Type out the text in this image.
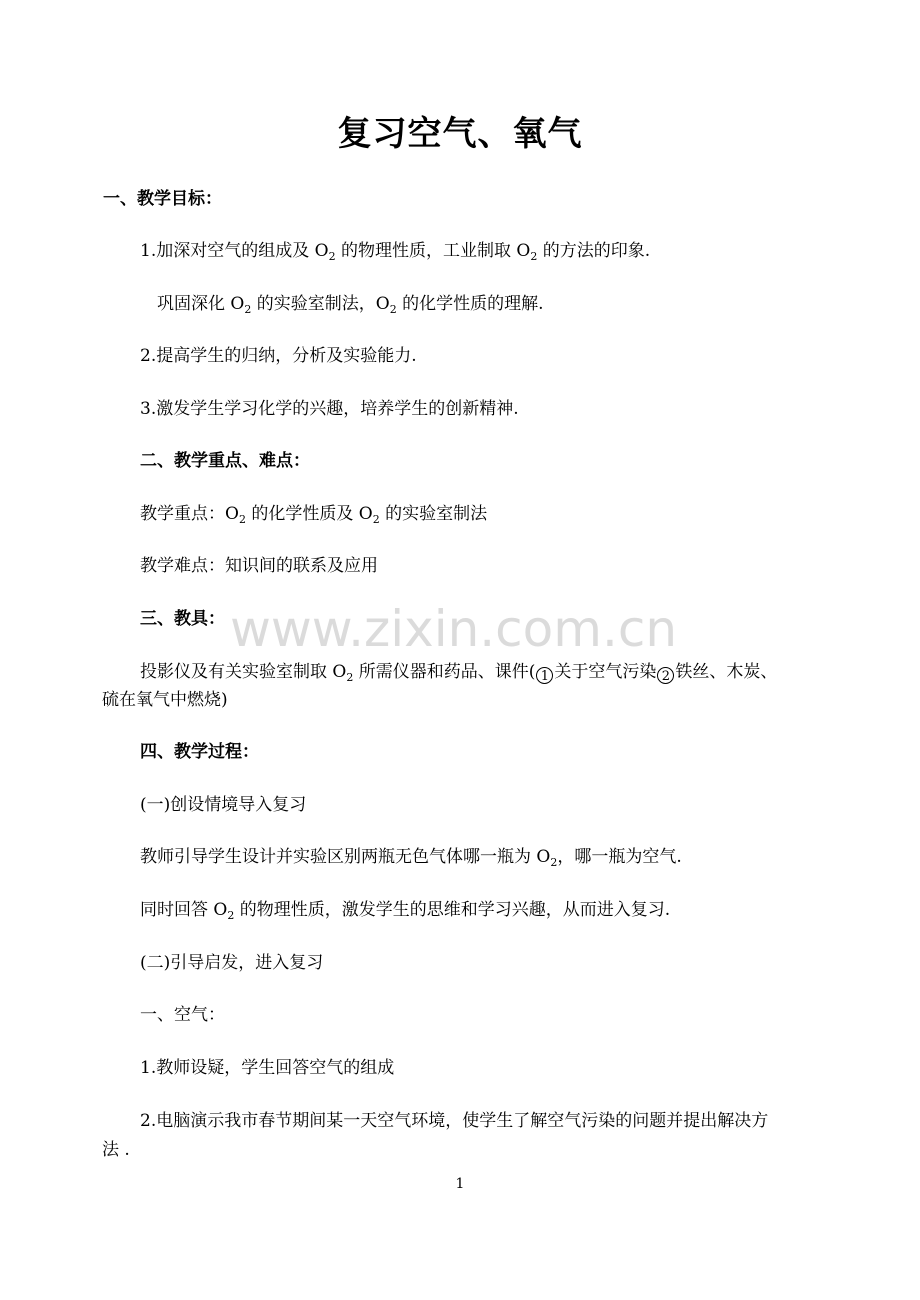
复习空气、氧气
一、教学目标：
1.加深对空气的组成及 $O_2$ 的物理性质，工业制取 $O_2$ 的方法的印象.
巩固深化 $O_2$ 的实验室制法，$O_2$ 的化学性质的理解.
2.提高学生的归纳，分析及实验能力.
3.激发学生学习化学的兴趣，培养学生的创新精神.
二、教学重点、难点：
教学重点：$O_2$ 的化学性质及 $O_2$ 的实验室制法
教学难点：知识间的联系及应用
三、教具： www.zixin.com.cn
投影仪及有关实验室制取 $O_2$ 所需仪器和药品、课件( 1 关于空气污染 2 铁丝、木炭、
硫在氧气中燃烧)
四、教学过程：
(一)创设情境导入复习
教师引导学生设计并实验区别两瓶无色气体哪一瓶为 $O_2$，哪一瓶为空气.
同时回答 $O_2$ 的物理性质，激发学生的思维和学习兴趣，从而进入复习.
(二)引导启发，进入复习
一、空气：
1.教师设疑，学生回答空气的组成
2.电脑演示我市春节期间某一天空气环境，使学生了解空气污染的问题并提出解决方
法 .
1
